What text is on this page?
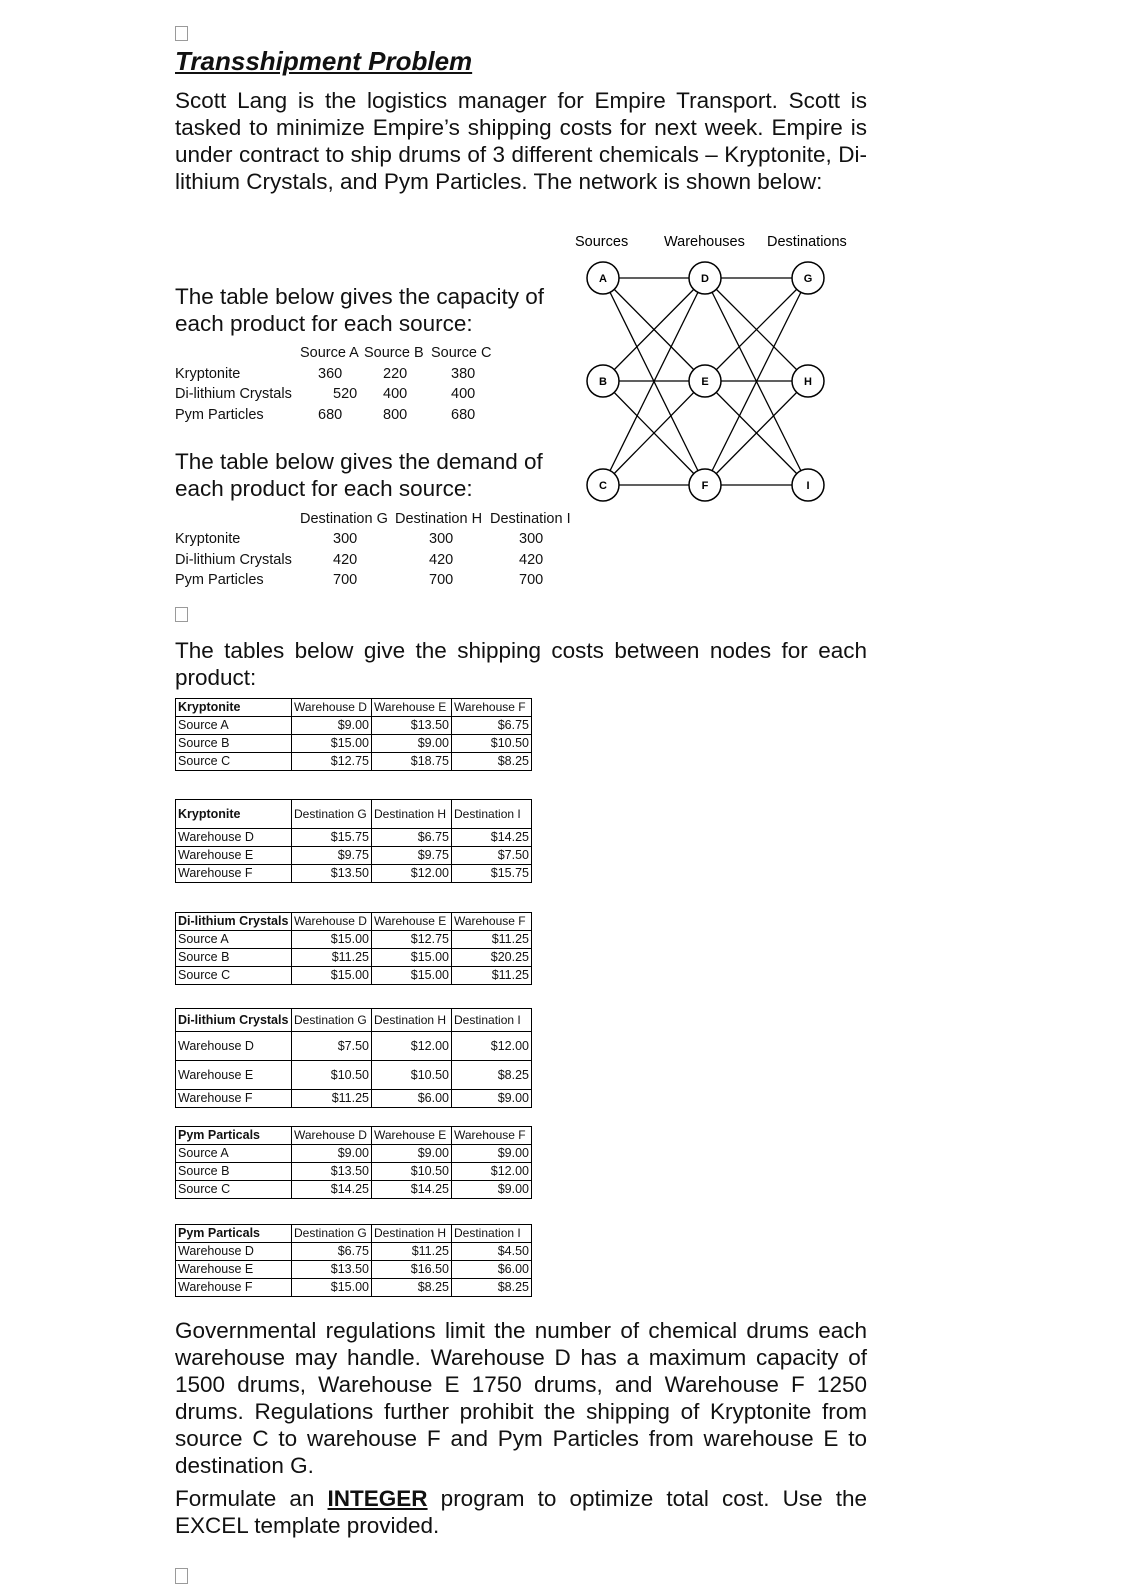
Transshipment Problem
Scott Lang is the logistics manager for Empire Transport. Scott is tasked to minimize Empire’s shipping costs for next week. Empire is under contract to ship drums of 3 different chemicals – Kryptonite, Di-lithium Crystals, and Pym Particles. The network is shown below:
Sources Warehouses Destinations
A
B
C
D
E
F
G
H
I
The table below gives the capacity of each product for each source:
Source A Source B Source C
Kryptonite	360	220	380
Di-lithium Crystals	520 400	400
Pym Particles	680	800	680
The table below gives the demand of each product for each source:
Destination G Destination H Destination I
Kryptonite	300	300	300
Di-lithium Crystals	420	420	420
Pym Particles	700	700	700
The tables below give the shipping costs between nodes for each product:
Kryptonite	Warehouse D	Warehouse E	Warehouse F
Source A	$9.00	$13.50	$6.75
Source B	$15.00	$9.00	$10.50
Source C	$12.75	$18.75	$8.25
Kryptonite	Destination G	Destination H	Destination I
Warehouse D	$15.75	$6.75	$14.25
Warehouse E	$9.75	$9.75	$7.50
Warehouse F	$13.50	$12.00	$15.75
Di-lithium Crystals	Warehouse D	Warehouse E	Warehouse F
Source A	$15.00	$12.75	$11.25
Source B	$11.25	$15.00	$20.25
Source C	$15.00	$15.00	$11.25
Di-lithium Crystals	Destination G	Destination H	Destination I
Warehouse D	$7.50	$12.00	$12.00
Warehouse E	$10.50	$10.50	$8.25
Warehouse F	$11.25	$6.00	$9.00
Pym Particals	Warehouse D	Warehouse E	Warehouse F
Source A	$9.00	$9.00	$9.00
Source B	$13.50	$10.50	$12.00
Source C	$14.25	$14.25	$9.00
Pym Particals	Destination G	Destination H	Destination I
Warehouse D	$6.75	$11.25	$4.50
Warehouse E	$13.50	$16.50	$6.00
Warehouse F	$15.00	$8.25	$8.25
Governmental regulations limit the number of chemical drums each warehouse may handle. Warehouse D has a maximum capacity of 1500 drums, Warehouse E 1750 drums, and Warehouse F 1250 drums. Regulations further prohibit the shipping of Kryptonite from source C to warehouse F and Pym Particles from warehouse E to destination G.
Formulate an INTEGER program to optimize total cost. Use the EXCEL template provided.
